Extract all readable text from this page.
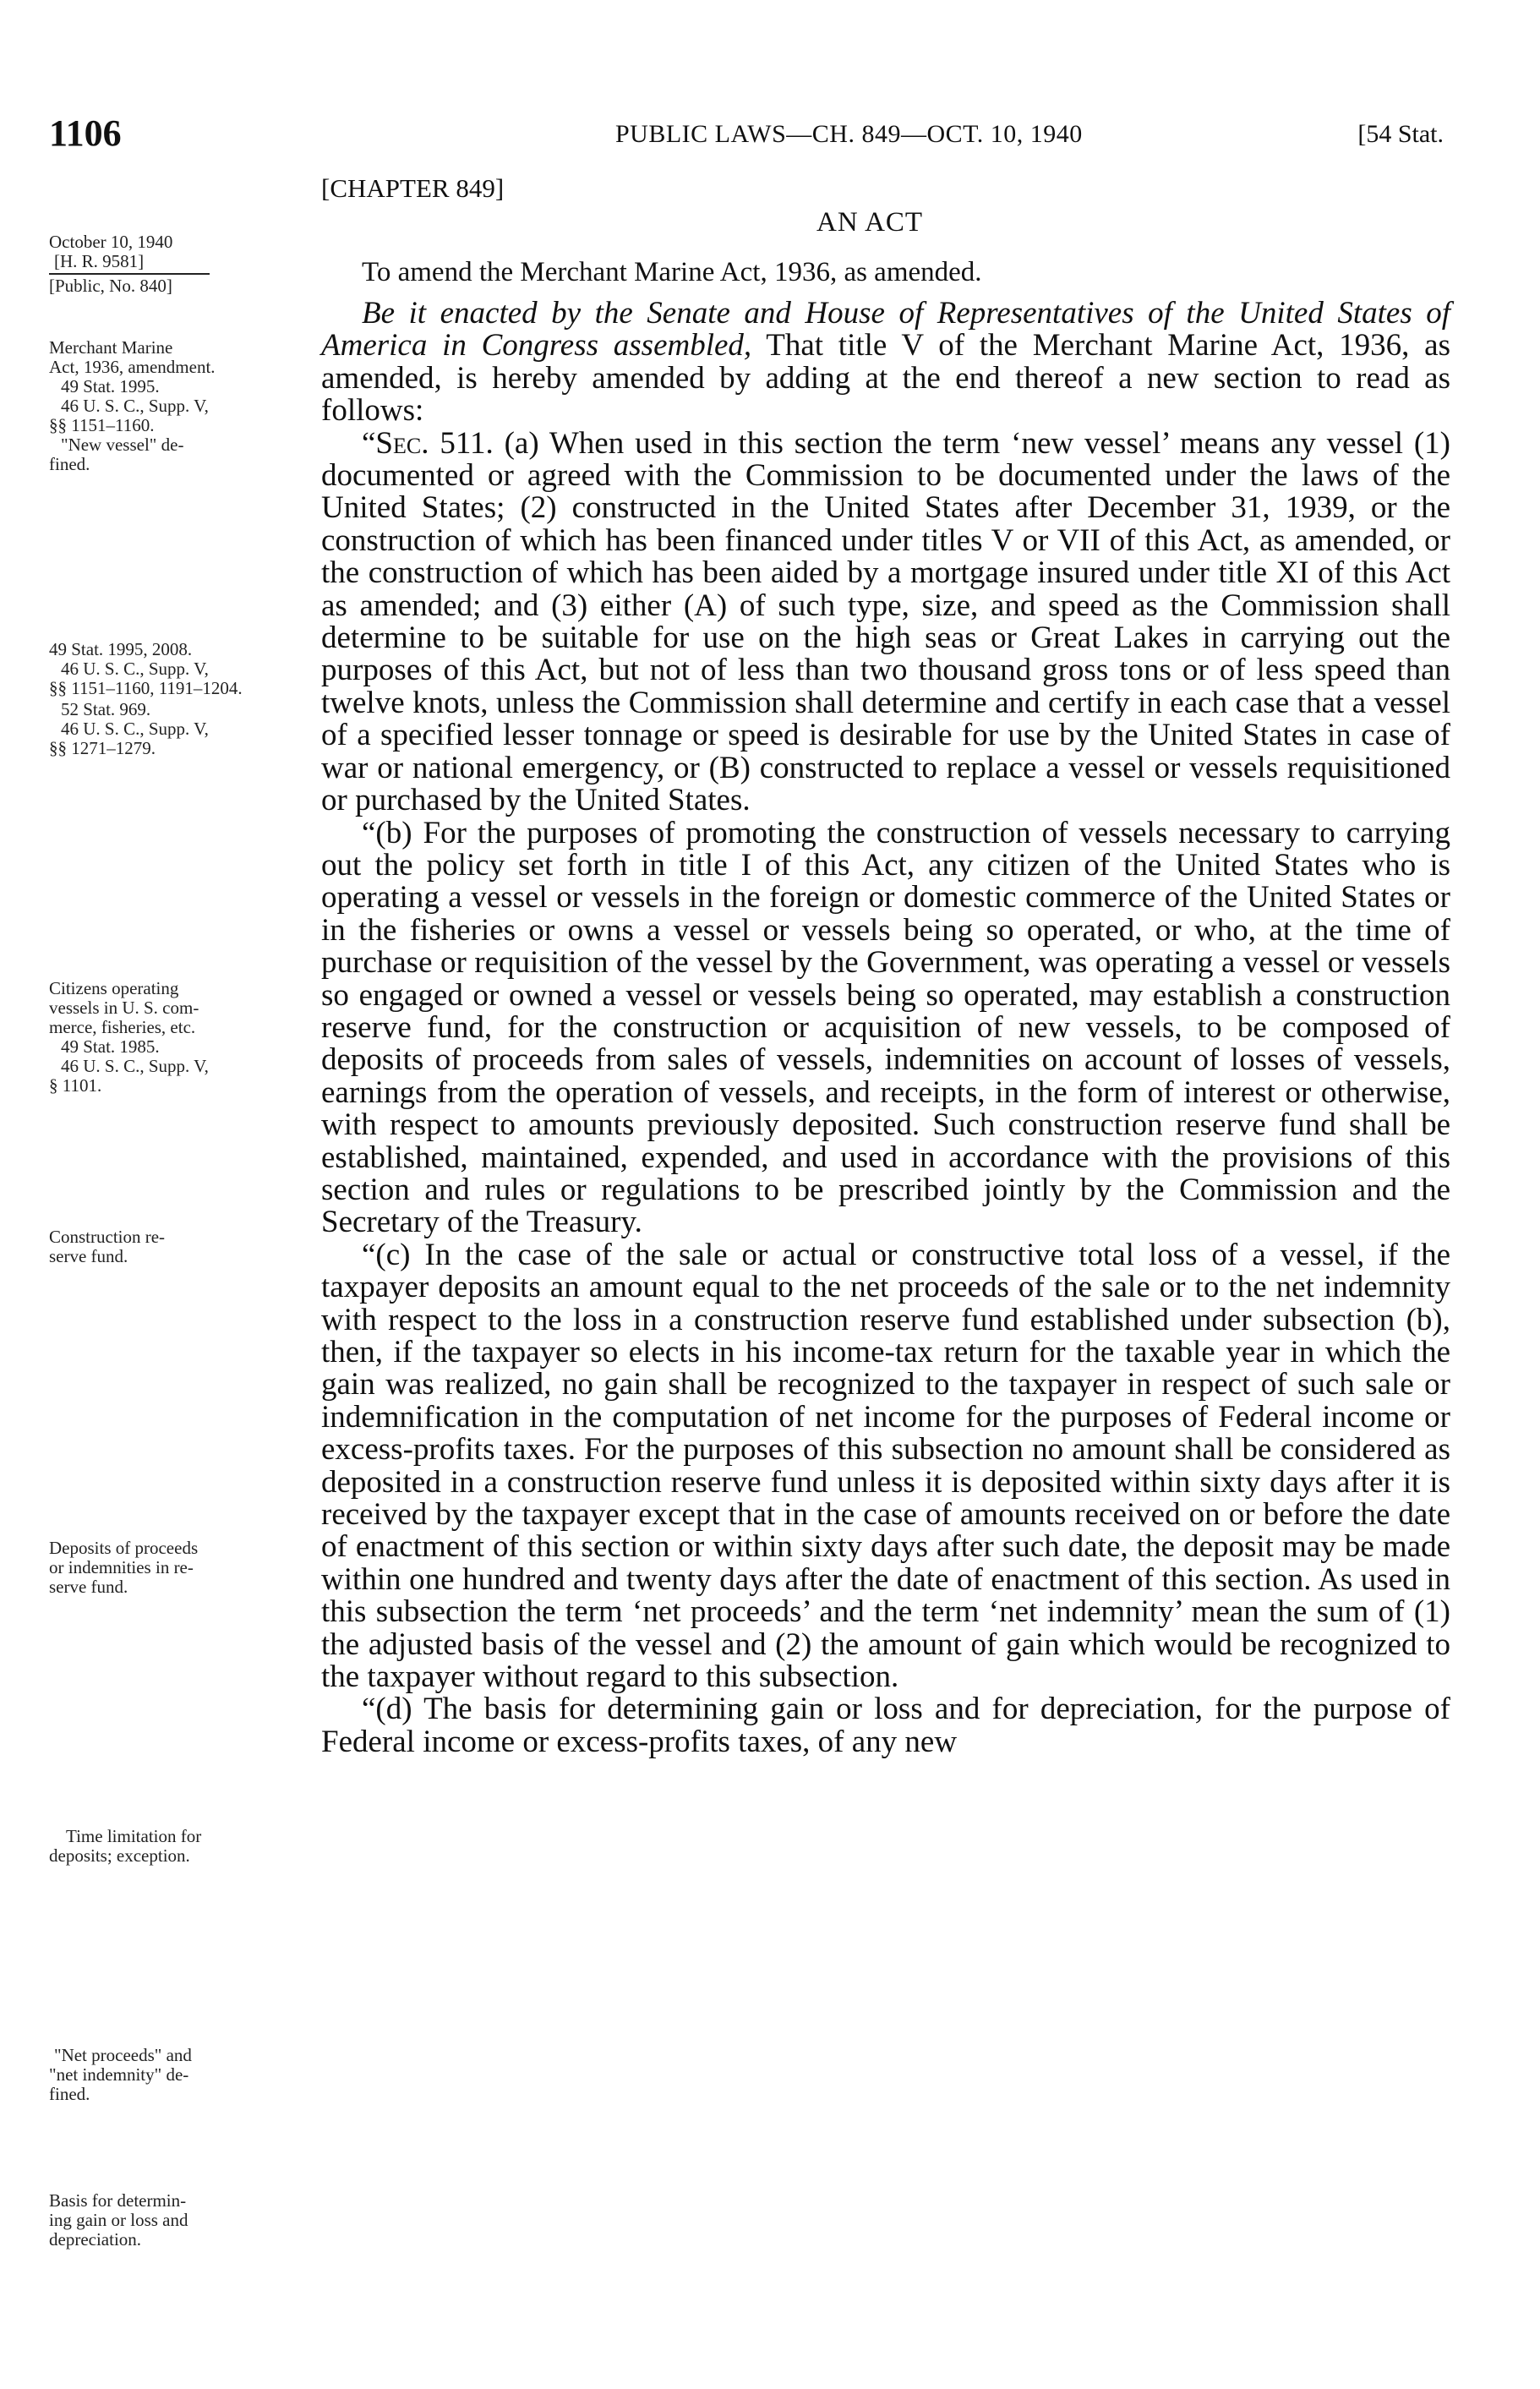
1106	PUBLIC LAWS—CH. 849—OCT. 10, 1940	[54 Stat.
October 10, 1940
[H. R. 9581]
[Public, No. 840]
Merchant Marine
Act, 1936, amendment.
49 Stat. 1995.
46 U. S. C., Supp. V,
§§ 1151–1160.
"New vessel" de-
fined.
49 Stat. 1995, 2008.
46 U. S. C., Supp. V,
§§ 1151–1160, 1191–1204.
52 Stat. 969.
46 U. S. C., Supp. V,
§§ 1271–1279.
Citizens operating
vessels in U. S. com-
merce, fisheries, etc.
49 Stat. 1985.
46 U. S. C., Supp. V,
§ 1101.
Construction re-
serve fund.
Deposits of proceeds
or indemnities in re-
serve fund.
Time limitation for
deposits; exception.
"Net proceeds" and
"net indemnity" de-
fined.
Basis for determin-
ing gain or loss and
depreciation.
[CHAPTER 849]
AN ACT
To amend the Merchant Marine Act, 1936, as amended.

Be it enacted by the Senate and House of Representatives of the United States of America in Congress assembled, That title V of the Merchant Marine Act, 1936, as amended, is hereby amended by adding at the end thereof a new section to read as follows:

“Sec. 511. (a) When used in this section the term ‘new vessel’ means any vessel (1) documented or agreed with the Commission to be documented under the laws of the United States; (2) constructed in the United States after December 31, 1939, or the construction of which has been financed under titles V or VII of this Act, as amended, or the construction of which has been aided by a mortgage insured under title XI of this Act as amended; and (3) either (A) of such type, size, and speed as the Commission shall determine to be suitable for use on the high seas or Great Lakes in carrying out the purposes of this Act, but not of less than two thousand gross tons or of less speed than twelve knots, unless the Commission shall determine and certify in each case that a vessel of a specified lesser tonnage or speed is desirable for use by the United States in case of war or national emergency, or (B) constructed to replace a vessel or vessels requisitioned or purchased by the United States.

“(b) For the purposes of promoting the construction of vessels necessary to carrying out the policy set forth in title I of this Act, any citizen of the United States who is operating a vessel or vessels in the foreign or domestic commerce of the United States or in the fisheries or owns a vessel or vessels being so operated, or who, at the time of purchase or requisition of the vessel by the Government, was operating a vessel or vessels so engaged or owned a vessel or vessels being so operated, may establish a construction reserve fund, for the construction or acquisition of new vessels, to be composed of deposits of proceeds from sales of vessels, indemnities on account of losses of vessels, earnings from the operation of vessels, and receipts, in the form of interest or otherwise, with respect to amounts previously deposited. Such construction reserve fund shall be established, maintained, expended, and used in accordance with the provisions of this section and rules or regulations to be prescribed jointly by the Commission and the Secretary of the Treasury.

“(c) In the case of the sale or actual or constructive total loss of a vessel, if the taxpayer deposits an amount equal to the net proceeds of the sale or to the net indemnity with respect to the loss in a construction reserve fund established under subsection (b), then, if the taxpayer so elects in his income-tax return for the taxable year in which the gain was realized, no gain shall be recognized to the taxpayer in respect of such sale or indemnification in the computation of net income for the purposes of Federal income or excess-profits taxes. For the purposes of this subsection no amount shall be considered as deposited in a construction reserve fund unless it is deposited within sixty days after it is received by the taxpayer except that in the case of amounts received on or before the date of enactment of this section or within sixty days after such date, the deposit may be made within one hundred and twenty days after the date of enactment of this section. As used in this subsection the term ‘net proceeds’ and the term ‘net indemnity’ mean the sum of (1) the adjusted basis of the vessel and (2) the amount of gain which would be recognized to the taxpayer without regard to this subsection.

“(d) The basis for determining gain or loss and for depreciation, for the purpose of Federal income or excess-profits taxes, of any new
